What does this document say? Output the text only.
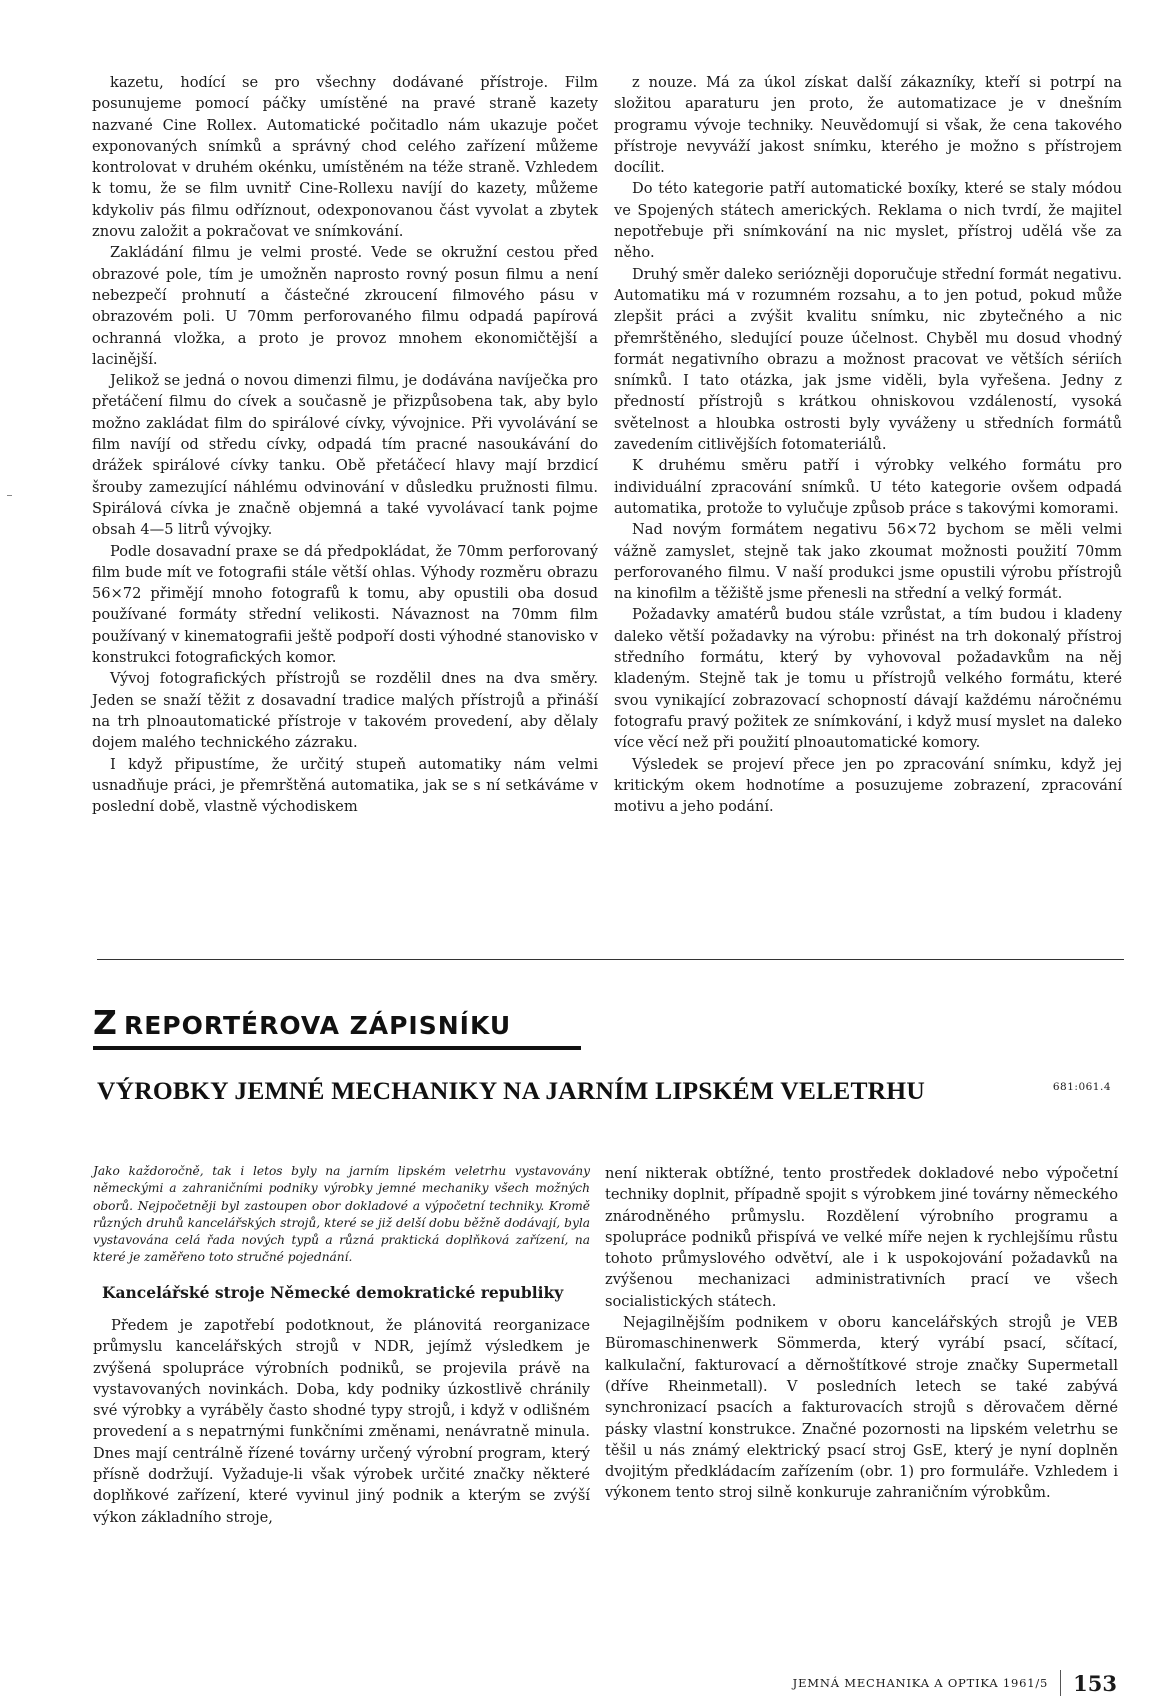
kazetu, hodící se pro všechny dodávané přístroje. Film posunujeme pomocí páčky umístěné na pravé straně kazety nazvané Cine Rollex. Automatické počitadlo nám ukazuje počet exponovaných snímků a správný chod celého zařízení můžeme kontrolovat v druhém okénku, umístěném na téže straně. Vzhledem k tomu, že se film uvnitř Cine-Rollexu navíjí do kazety, můžeme kdykoliv pás filmu odříznout, odexponovanou část vyvolat a zbytek znovu založit a pokračovat ve snímkování.

Zakládání filmu je velmi prosté. Vede se okružní cestou před obrazové pole, tím je umožněn naprosto rovný posun filmu a není nebezpečí prohnutí a částečné zkroucení filmového pásu v obrazovém poli. U 70mm perforovaného filmu odpadá papírová ochranná vložka, a proto je provoz mnohem ekonomičtější a lacinější.

Jelikož se jedná o novou dimenzi filmu, je dodávána navíječka pro přetáčení filmu do cívek a současně je přizpůsobena tak, aby bylo možno zakládat film do spirálové cívky, vývojnice. Při vyvolávání se film navíjí od středu cívky, odpadá tím pracné nasoukávání do drážek spirálové cívky tanku. Obě přetáčecí hlavy mají brzdicí šrouby zamezující náhlému odvinování v důsledku pružnosti filmu. Spirálová cívka je značně objemná a také vyvolávací tank pojme obsah 4—5 litrů vývojky.

Podle dosavadní praxe se dá předpokládat, že 70mm perforovaný film bude mít ve fotografii stále větší ohlas. Výhody rozměru obrazu 56×72 přimějí mnoho fotografů k tomu, aby opustili oba dosud používané formáty střední velikosti. Návaznost na 70mm film používaný v kinematografii ještě podpoří dosti výhodné stanovisko v konstrukci fotografických komor.

Vývoj fotografických přístrojů se rozdělil dnes na dva směry. Jeden se snaží těžit z dosavadní tradice malých přístrojů a přináší na trh plnoautomatické přístroje v takovém provedení, aby dělaly dojem malého technického zázraku.

I když připustíme, že určitý stupeň automatiky nám velmi usnadňuje práci, je přemrštěná automatika, jak se s ní setkáváme v poslední době, vlastně východiskem

z nouze. Má za úkol získat další zákazníky, kteří si potrpí na složitou aparaturu jen proto, že automatizace je v dnešním programu vývoje techniky. Neuvědomují si však, že cena takového přístroje nevyváží jakost snímku, kterého je možno s přístrojem docílit.

Do této kategorie patří automatické boxíky, které se staly módou ve Spojených státech amerických. Reklama o nich tvrdí, že majitel nepotřebuje při snímkování na nic myslet, přístroj udělá vše za něho.

Druhý směr daleko seriózněji doporučuje střední formát negativu. Automatiku má v rozumném rozsahu, a to jen potud, pokud může zlepšit práci a zvýšit kvalitu snímku, nic zbytečného a nic přemrštěného, sledující pouze účelnost. Chyběl mu dosud vhodný formát negativního obrazu a možnost pracovat ve větších sériích snímků. I tato otázka, jak jsme viděli, byla vyřešena. Jedny z předností přístrojů s krátkou ohniskovou vzdáleností, vysoká světelnost a hloubka ostrosti byly vyváženy u středních formátů zavedením citlivějších fotomateriálů.

K druhému směru patří i výrobky velkého formátu pro individuální zpracování snímků. U této kategorie ovšem odpadá automatika, protože to vylučuje způsob práce s takovými komorami.

Nad novým formátem negativu 56×72 bychom se měli velmi vážně zamyslet, stejně tak jako zkoumat možnosti použití 70mm perforovaného filmu. V naší produkci jsme opustili výrobu přístrojů na kinofilm a těžiště jsme přenesli na střední a velký formát.

Požadavky amatérů budou stále vzrůstat, a tím budou i kladeny daleko větší požadavky na výrobu: přinést na trh dokonalý přístroj středního formátu, který by vyhovoval požadavkům na něj kladeným. Stejně tak je tomu u přístrojů velkého formátu, které svou vynikající zobrazovací schopností dávají každému náročnému fotografu pravý požitek ze snímkování, i když musí myslet na daleko více věcí než při použití plnoautomatické komory.

Výsledek se projeví přece jen po zpracování snímku, když jej kritickým okem hodnotíme a posuzujeme zobrazení, zpracování motivu a jeho podání.

Z REPORTÉROVA ZÁPISNÍKU
VÝROBKY JEMNÉ MECHANIKY NA JARNÍM LIPSKÉM VELETRHU	681:061.4

Jako každoročně, tak i letos byly na jarním lipském veletrhu vystavovány německými a zahraničními podniky výrobky jemné mechaniky všech možných oborů. Nejpočetněji byl zastoupen obor dokladové a výpočetní techniky. Kromě různých druhů kancelářských strojů, které se již delší dobu běžně dodávají, byla vystavována celá řada nových typů a různá praktická doplňková zařízení, na které je zaměřeno toto stručné pojednání.

Kancelářské stroje Německé demokratické republiky

Předem je zapotřebí podotknout, že plánovitá reorganizace průmyslu kancelářských strojů v NDR, jejímž výsledkem je zvýšená spolupráce výrobních podniků, se projevila právě na vystavovaných novinkách. Doba, kdy podniky úzkostlivě chránily své výrobky a vyráběly často shodné typy strojů, i když v odlišném provedení a s nepatrnými funkčními změnami, nenávratně minula. Dnes mají centrálně řízené továrny určený výrobní program, který přísně dodržují. Vyžaduje-li však výrobek určité značky některé doplňkové zařízení, které vyvinul jiný podnik a kterým se zvýší výkon základního stroje,

není nikterak obtížné, tento prostředek dokladové nebo výpočetní techniky doplnit, případně spojit s výrobkem jiné továrny německého znárodněného průmyslu. Rozdělení výrobního programu a spolupráce podniků přispívá ve velké míře nejen k rychlejšímu růstu tohoto průmyslového odvětví, ale i k uspokojování požadavků na zvýšenou mechanizaci administrativních prací ve všech socialistických státech.

Nejagilnějším podnikem v oboru kancelářských strojů je VEB Büromaschinenwerk Sömmerda, který vyrábí psací, sčítací, kalkulační, fakturovací a děrnoštítkové stroje značky Supermetall (dříve Rheinmetall). V posledních letech se také zabývá synchronizací psacích a fakturovacích strojů s děrovačem děrné pásky vlastní konstrukce. Značné pozornosti na lipském veletrhu se těšil u nás známý elektrický psací stroj GsE, který je nyní doplněn dvojitým předkládacím zařízením (obr. 1) pro formuláře. Vzhledem i výkonem tento stroj silně konkuruje zahraničním výrobkům.

JEMNÁ MECHANIKA A OPTIKA 1961/5 153
